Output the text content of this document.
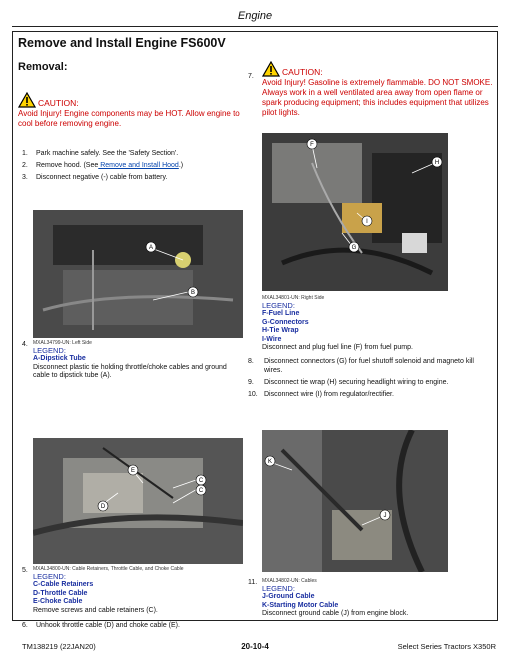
Engine
Remove and Install Engine FS600V
Removal:
CAUTION:
Avoid Injury! Engine components may be HOT. Allow engine to cool before removing engine.
1. Park machine safely. See the 'Safety Section'.
2. Remove hood. (See Remove and Install Hood.)
3. Disconnect negative (-) cable from battery.
A
B
4. MXAL34799-UN: Left Side
LEGEND:
A-Dipstick Tube
Disconnect plastic tie holding throttle/choke cables and ground cable to dipstick tube (A).
E
C
C
D
5. MXAL34800-UN: Cable Retainers, Throttle Cable, and Choke Cable
LEGEND:
C-Cable Retainers
D-Throttle Cable
E-Choke Cable
Remove screws and cable retainers (C).
6. Unhook throttle cable (D) and choke cable (E).
7.	CAUTION:
Avoid Injury! Gasoline is extremely flammable. DO NOT SMOKE. Always work in a well ventilated area away from open flame or spark producing equipment; this includes equipment that utilizes pilot lights.
F
H
I
G
MXAL34801-UN: Right Side
LEGEND:
F-Fuel Line
G-Connectors
H-Tie Wrap
I-Wire
Disconnect and plug fuel line (F) from fuel pump.
8.	Disconnect connectors (G) for fuel shutoff solenoid and magneto kill wires.
9.	Disconnect tie wrap (H) securing headlight wiring to engine.
10. Disconnect wire (I) from regulator/rectifier.
K
J
11. MXAL34802-UN: Cables
LEGEND:
J-Ground Cable
K-Starting Motor Cable
Disconnect ground cable (J) from engine block.
TM138219 (22JAN20)	20-10-4	Select Series Tractors X350R
